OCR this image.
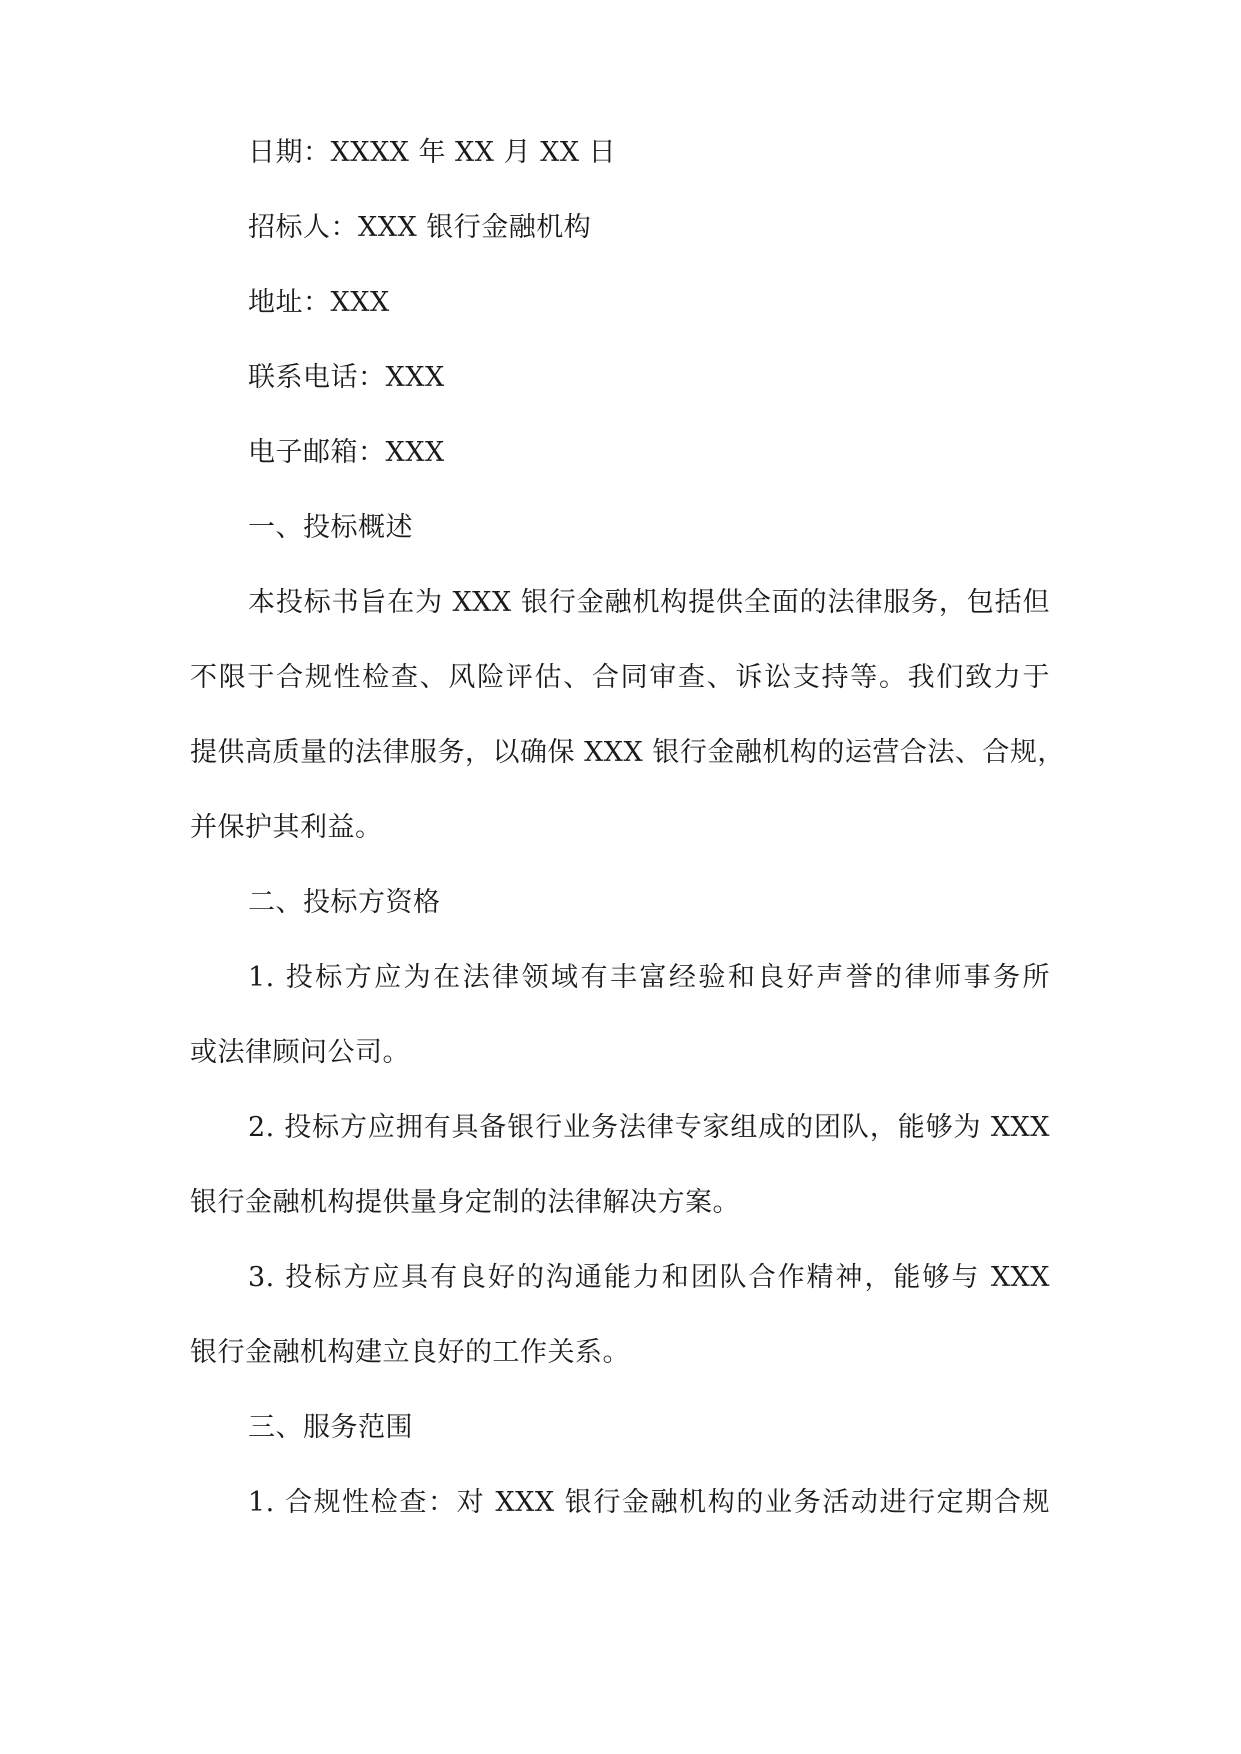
日期：XXXX 年 XX 月 XX 日
招标人：XXX 银行金融机构
地址：XXX
联系电话：XXX
电子邮箱：XXX
一、投标概述
本投标书旨在为 XXX 银行金融机构提供全面的法律服务，包括但
不限于合规性检查、风险评估、合同审查、诉讼支持等。我们致力于
提供高质量的法律服务，以确保 XXX 银行金融机构的运营合法、合规，
并保护其利益。
二、投标方资格
1. 投标方应为在法律领域有丰富经验和良好声誉的律师事务所
或法律顾问公司。
2. 投标方应拥有具备银行业务法律专家组成的团队，能够为 XXX
银行金融机构提供量身定制的法律解决方案。
3. 投标方应具有良好的沟通能力和团队合作精神，能够与 XXX
银行金融机构建立良好的工作关系。
三、服务范围
1. 合规性检查：对 XXX 银行金融机构的业务活动进行定期合规
